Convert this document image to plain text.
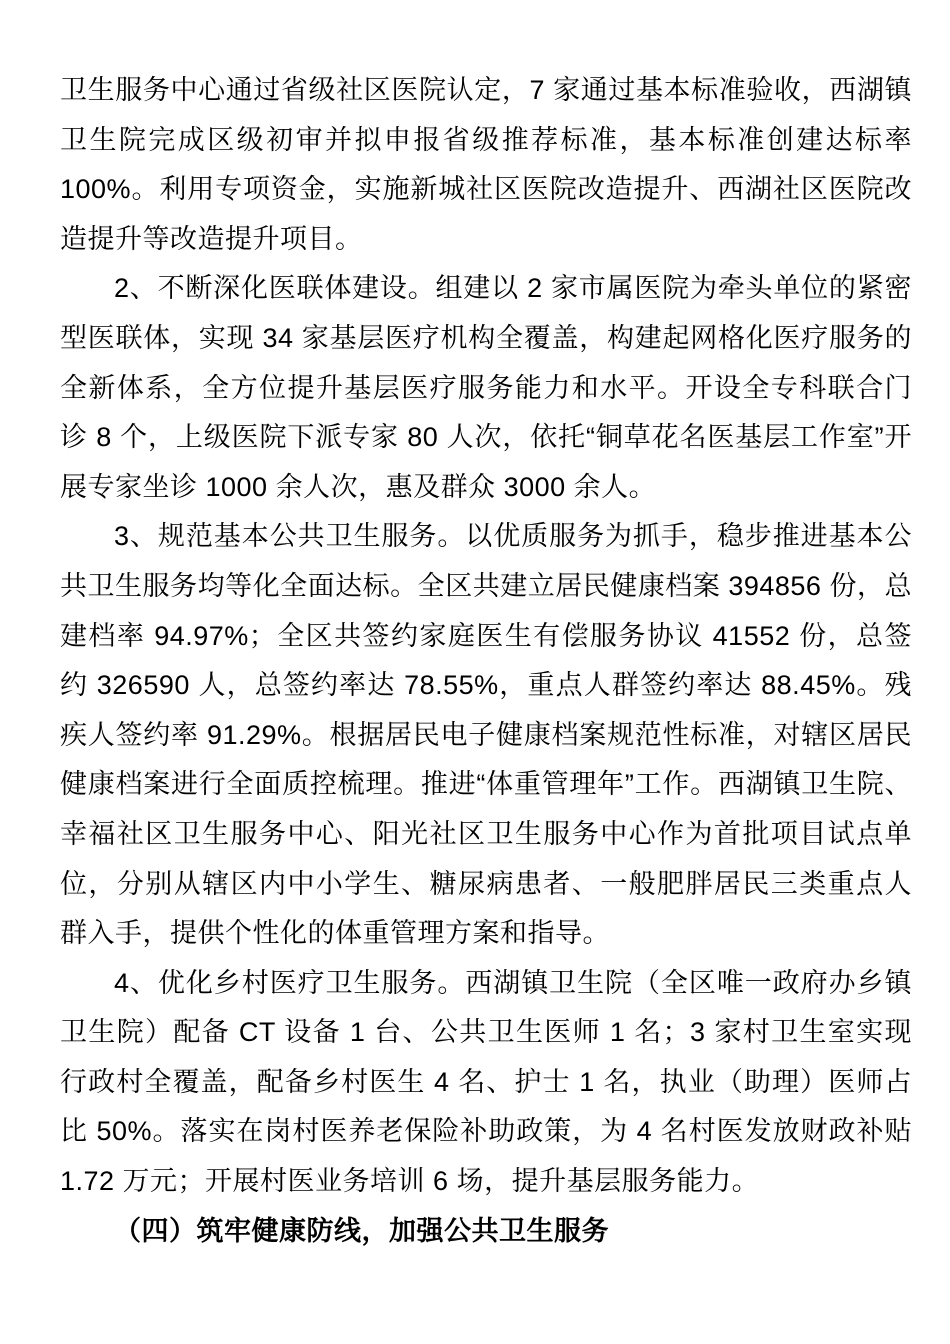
卫生服务中心通过省级社区医院认定，7 家通过基本标准验收，西湖镇卫生院完成区级初审并拟申报省级推荐标准，基本标准创建达标率 100%。利用专项资金，实施新城社区医院改造提升、西湖社区医院改造提升等改造提升项目。

2、不断深化医联体建设。组建以 2 家市属医院为牵头单位的紧密型医联体，实现 34 家基层医疗机构全覆盖，构建起网格化医疗服务的全新体系，全方位提升基层医疗服务能力和水平。开设全专科联合门诊 8 个，上级医院下派专家 80 人次，依托“铜草花名医基层工作室”开展专家坐诊 1000 余人次，惠及群众 3000 余人。

3、规范基本公共卫生服务。以优质服务为抓手，稳步推进基本公共卫生服务均等化全面达标。全区共建立居民健康档案 394856 份，总建档率 94.97%；全区共签约家庭医生有偿服务协议 41552 份，总签约 326590 人，总签约率达 78.55%，重点人群签约率达 88.45%。残疾人签约率 91.29%。根据居民电子健康档案规范性标准，对辖区居民健康档案进行全面质控梳理。推进“体重管理年”工作。西湖镇卫生院、幸福社区卫生服务中心、阳光社区卫生服务中心作为首批项目试点单位，分别从辖区内中小学生、糖尿病患者、一般肥胖居民三类重点人群入手，提供个性化的体重管理方案和指导。

4、优化乡村医疗卫生服务。西湖镇卫生院（全区唯一政府办乡镇卫生院）配备 CT 设备 1 台、公共卫生医师 1 名；3 家村卫生室实现行政村全覆盖，配备乡村医生 4 名、护士 1 名，执业（助理）医师占比 50%。落实在岗村医养老保险补助政策，为 4 名村医发放财政补贴 1.72 万元；开展村医业务培训 6 场，提升基层服务能力。

（四）筑牢健康防线，加强公共卫生服务
